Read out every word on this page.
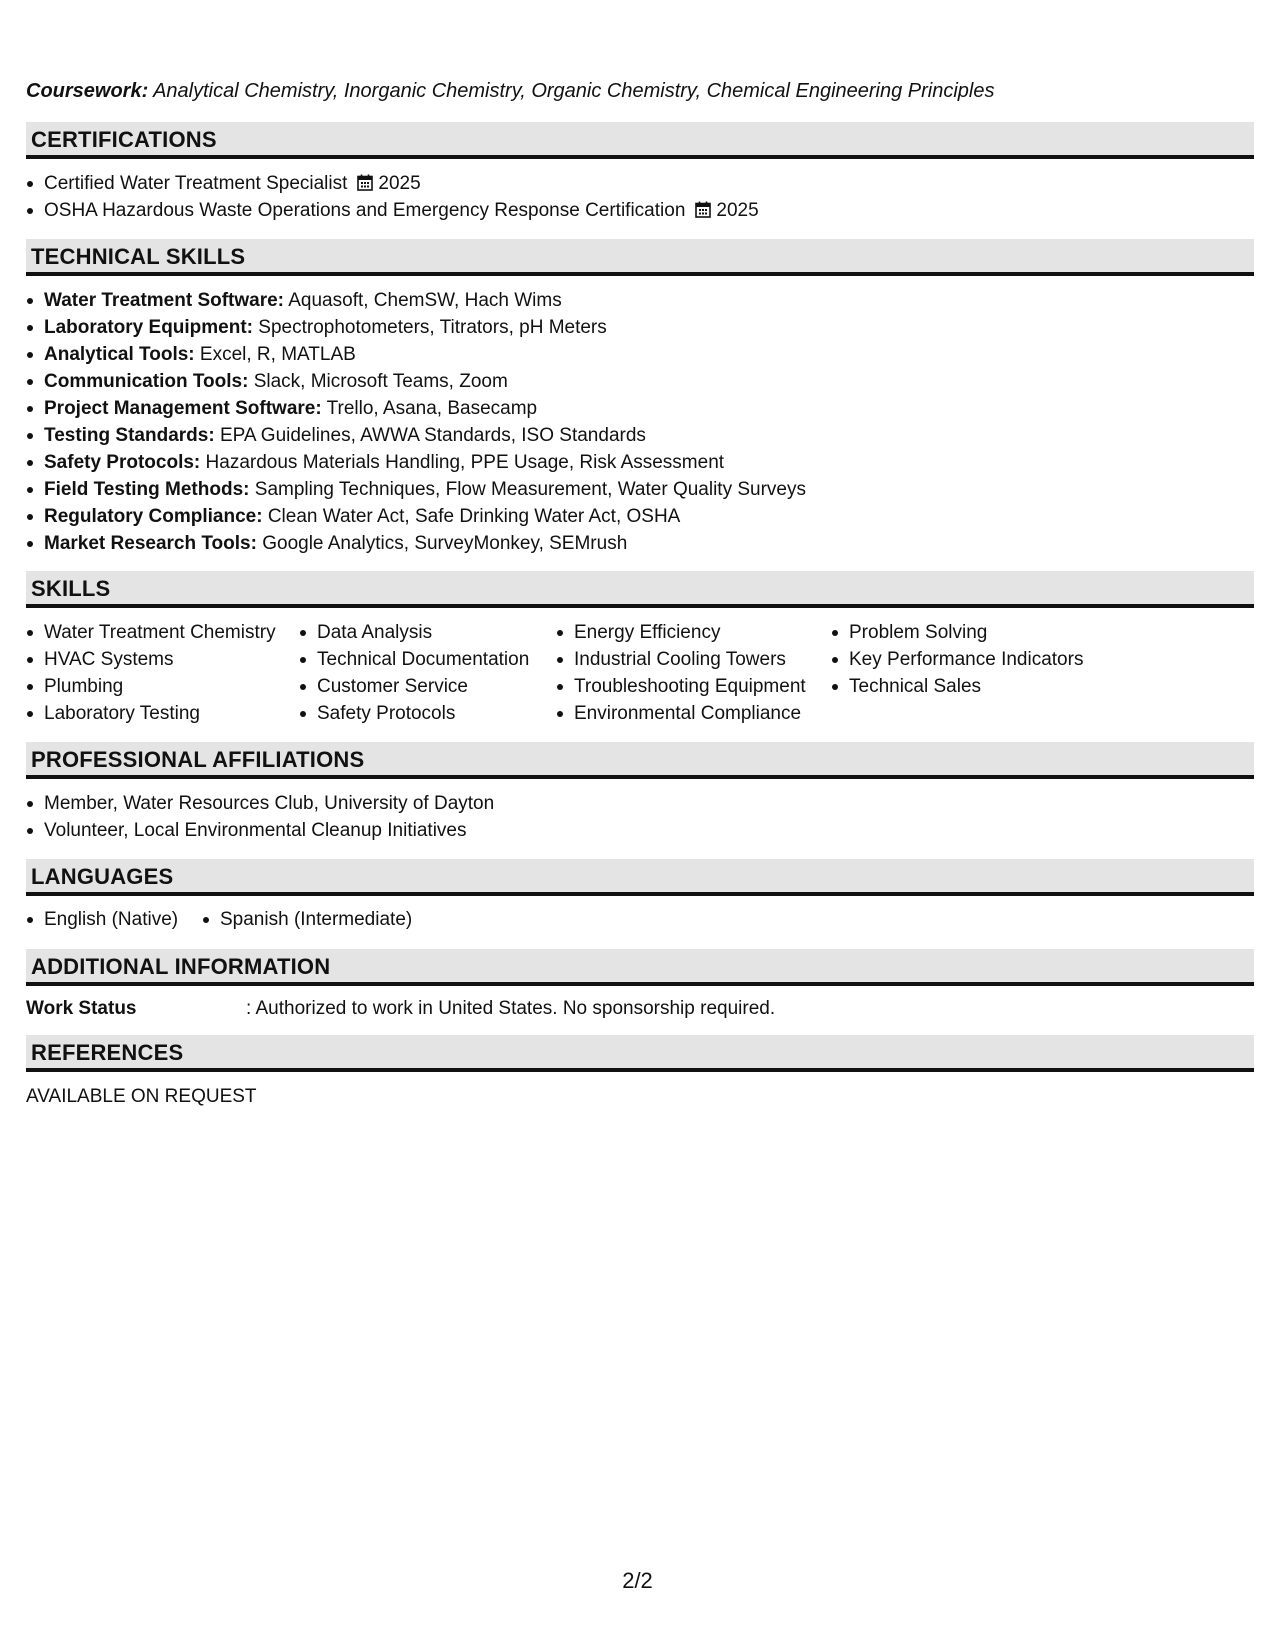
Coursework: Analytical Chemistry, Inorganic Chemistry, Organic Chemistry, Chemical Engineering Principles
CERTIFICATIONS
Certified Water Treatment Specialist 2025
OSHA Hazardous Waste Operations and Emergency Response Certification 2025
TECHNICAL SKILLS
Water Treatment Software: Aquasoft, ChemSW, Hach Wims
Laboratory Equipment: Spectrophotometers, Titrators, pH Meters
Analytical Tools: Excel, R, MATLAB
Communication Tools: Slack, Microsoft Teams, Zoom
Project Management Software: Trello, Asana, Basecamp
Testing Standards: EPA Guidelines, AWWA Standards, ISO Standards
Safety Protocols: Hazardous Materials Handling, PPE Usage, Risk Assessment
Field Testing Methods: Sampling Techniques, Flow Measurement, Water Quality Surveys
Regulatory Compliance: Clean Water Act, Safe Drinking Water Act, OSHA
Market Research Tools: Google Analytics, SurveyMonkey, SEMrush
SKILLS
Water Treatment Chemistry
HVAC Systems
Plumbing
Laboratory Testing
Data Analysis
Technical Documentation
Customer Service
Safety Protocols
Energy Efficiency
Industrial Cooling Towers
Troubleshooting Equipment
Environmental Compliance
Problem Solving
Key Performance Indicators
Technical Sales
PROFESSIONAL AFFILIATIONS
Member, Water Resources Club, University of Dayton
Volunteer, Local Environmental Cleanup Initiatives
LANGUAGES
English (Native)	Spanish (Intermediate)
ADDITIONAL INFORMATION
Work Status	: Authorized to work in United States. No sponsorship required.
REFERENCES
AVAILABLE ON REQUEST
2/2
